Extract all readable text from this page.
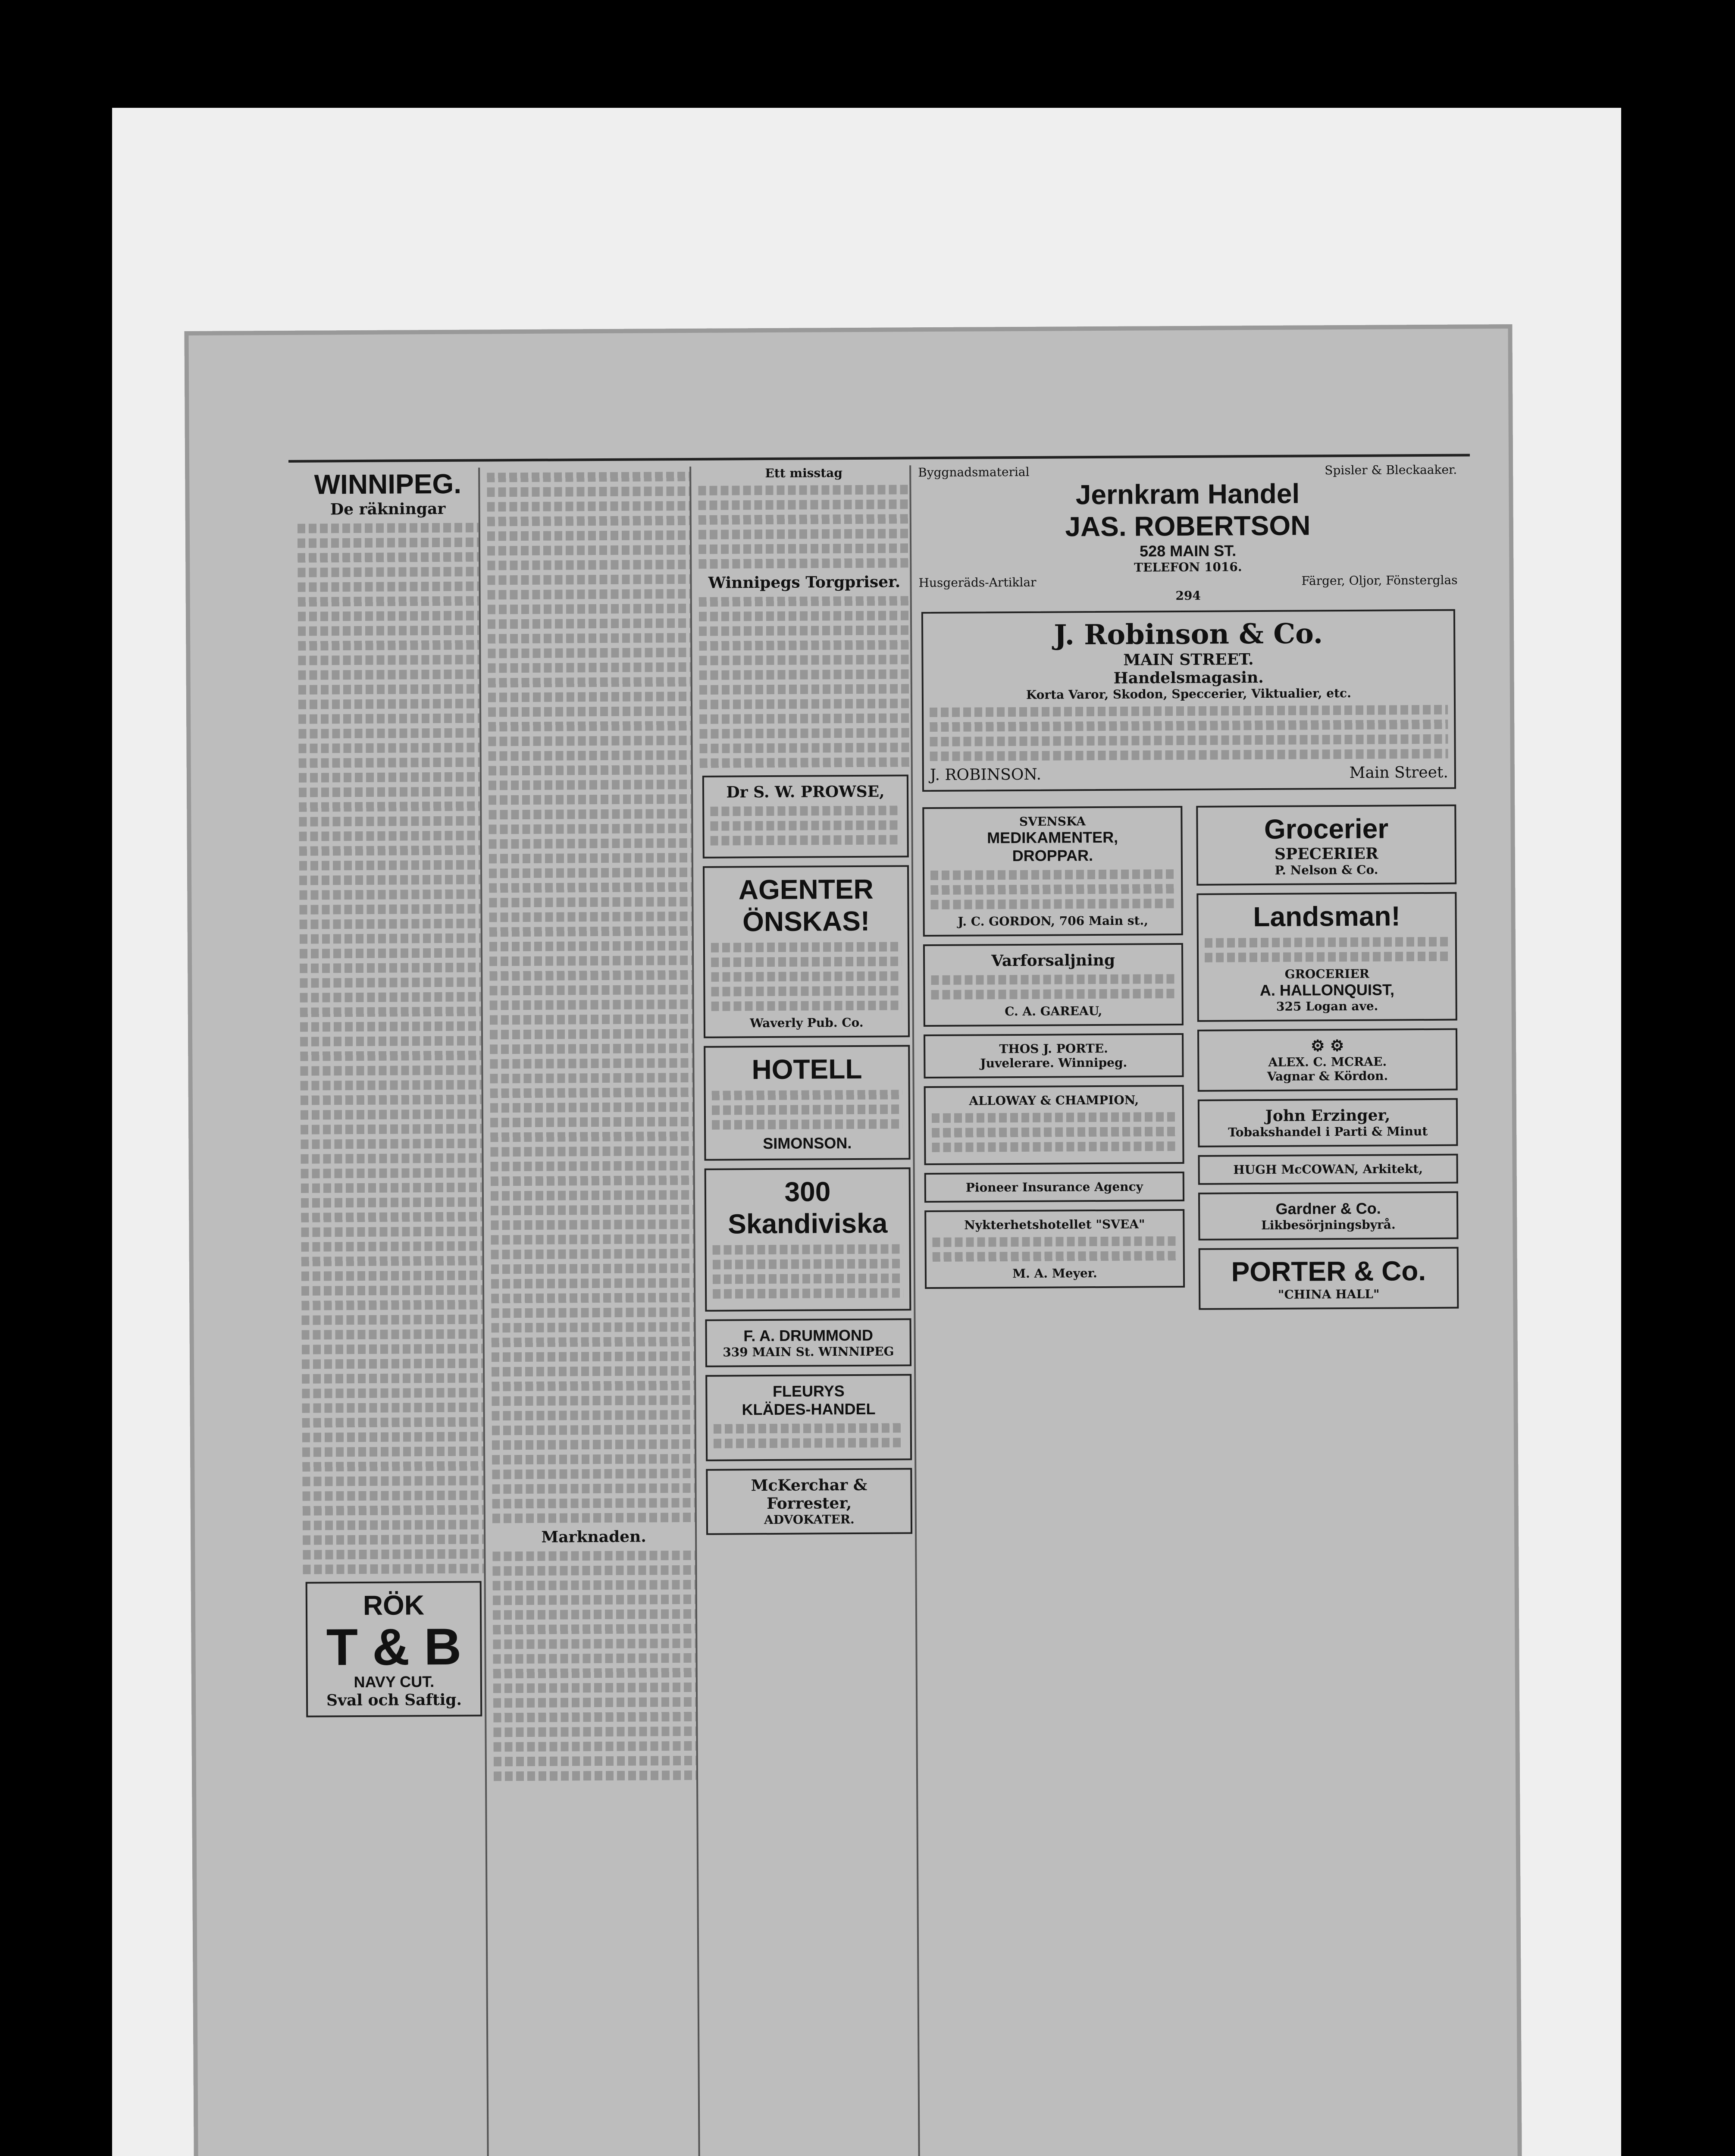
WINNIPEG.
De räkningar
RÖK
T & B
NAVY CUT.
Sval och Saftig.
Marknaden.
Ett misstag
Winnipegs Torgpriser.
Dr S. W. PROWSE,
AGENTER ÖNSKAS!
Waverly Pub. Co.
HOTELL
SIMONSON.
300 Skandiviska
F. A. DRUMMOND
339 MAIN St. WINNIPEG
FLEURYS
KLÄDES-HANDEL
McKerchar & Forrester,
ADVOKATER.
Byggnadsmaterial	Spisler & Bleckaaker.
Jernkram Handel
JAS. ROBERTSON
528 MAIN ST.
TELEFON 1016.
Husgeräds-Artiklar	Färger, Oljor, Fönsterglas
294
J. Robinson & Co.
MAIN STREET.
Handelsmagasin.
Korta Varor, Skodon, Speccerier, Viktualier, etc.
J. ROBINSON.	Main Street.
SVENSKA
MEDIKAMENTER,
DROPPAR.
J. C. GORDON, 706 Main st.,
Varforsaljning
C. A. GAREAU,
THOS J. PORTE.
Juvelerare. Winnipeg.
ALLOWAY & CHAMPION,
Pioneer Insurance Agency
Nykterhetshotellet "SVEA"
M. A. Meyer.
Grocerier
SPECERIER
P. Nelson & Co.
Landsman!
GROCERIER
A. HALLONQUIST,
325 Logan ave.
⚙ ⚙
ALEX. C. MCRAE.
Vagnar & Kördon.
John Erzinger,
Tobakshandel i Parti & Minut
HUGH McCOWAN, Arkitekt,
Gardner & Co.
Likbesörjningsbyrå.
PORTER & Co.
"CHINA HALL"
